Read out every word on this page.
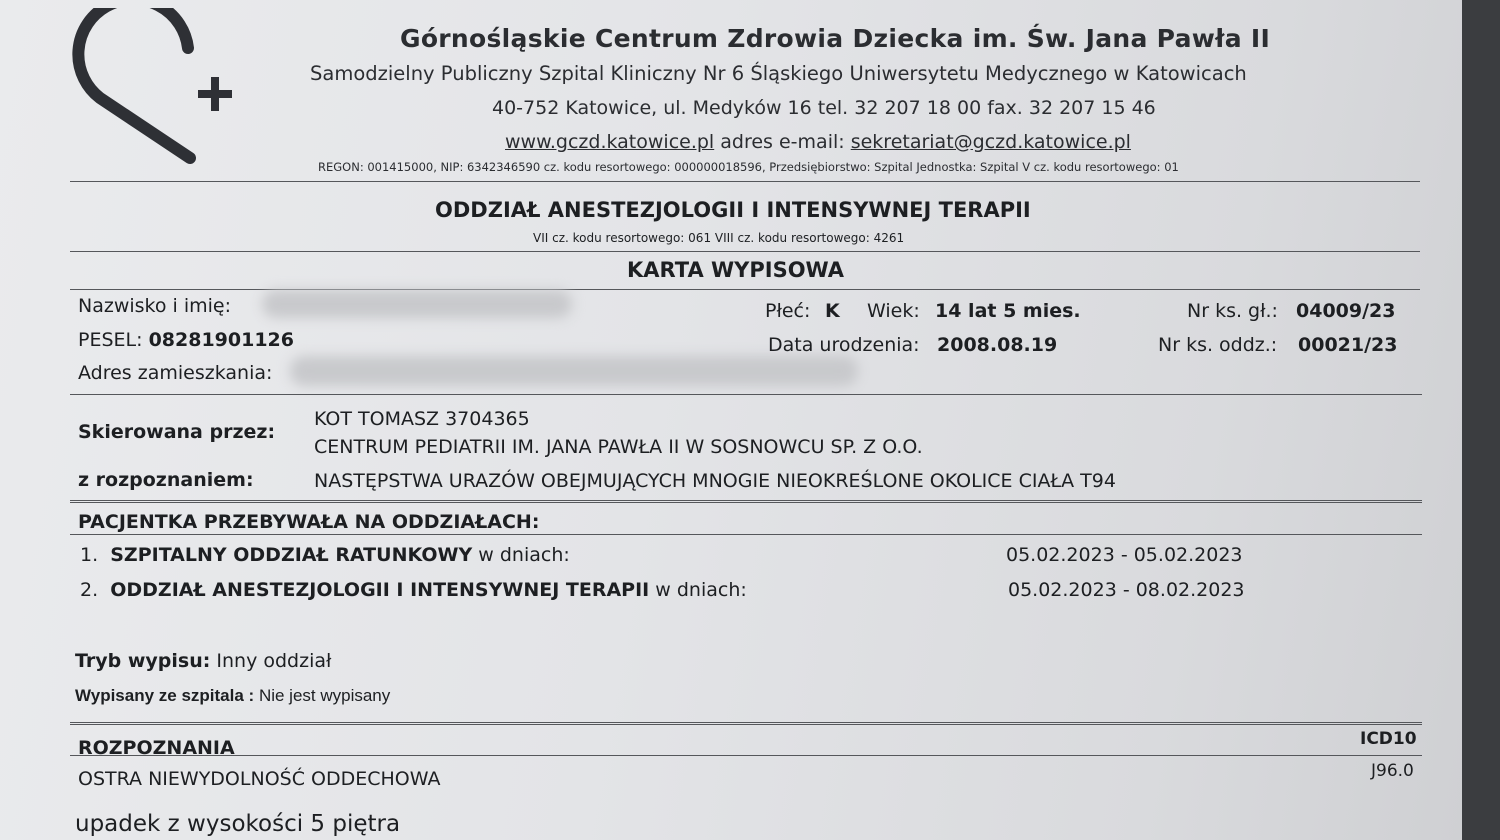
Górnośląskie Centrum Zdrowia Dziecka im. Św. Jana Pawła II
Samodzielny Publiczny Szpital Kliniczny Nr 6 Śląskiego Uniwersytetu Medycznego w Katowicach
40-752 Katowice, ul. Medyków 16 tel. 32 207 18 00 fax. 32 207 15 46
www.gczd.katowice.pl adres e-mail: sekretariat@gczd.katowice.pl
REGON: 001415000, NIP: 6342346590 cz. kodu resortowego: 000000018596, Przedsiębiorstwo: Szpital Jednostka: Szpital V cz. kodu resortowego: 01
ODDZIAŁ ANESTEZJOLOGII I INTENSYWNEJ TERAPII
VII cz. kodu resortowego: 061 VIII cz. kodu resortowego: 4261
KARTA WYPISOWA
Nazwisko i imię:
PESEL: 08281901126
Adres zamieszkania:
Płeć: K Wiek: 14 lat 5 mies.
Data urodzenia: 2008.08.19
Nr ks. gł.: 04009/23
Nr ks. oddz.: 00021/23
Skierowana przez:
KOT TOMASZ 3704365
CENTRUM PEDIATRII IM. JANA PAWŁA II W SOSNOWCU SP. Z O.O.
z rozpoznaniem:	NASTĘPSTWA URAZÓW OBEJMUJĄCYCH MNOGIE NIEOKREŚLONE OKOLICE CIAŁA T94
PACJENTKA PRZEBYWAŁA NA ODDZIAŁACH:
1. SZPITALNY ODDZIAŁ RATUNKOWY w dniach:	05.02.2023 - 05.02.2023
2. ODDZIAŁ ANESTEZJOLOGII I INTENSYWNEJ TERAPII w dniach:	05.02.2023 - 08.02.2023
Tryb wypisu: Inny oddział
Wypisany ze szpitala : Nie jest wypisany
ROZPOZNANIA	ICD10
OSTRA NIEWYDOLNOŚĆ ODDECHOWA	J96.0
upadek z wysokości 5 piętra
